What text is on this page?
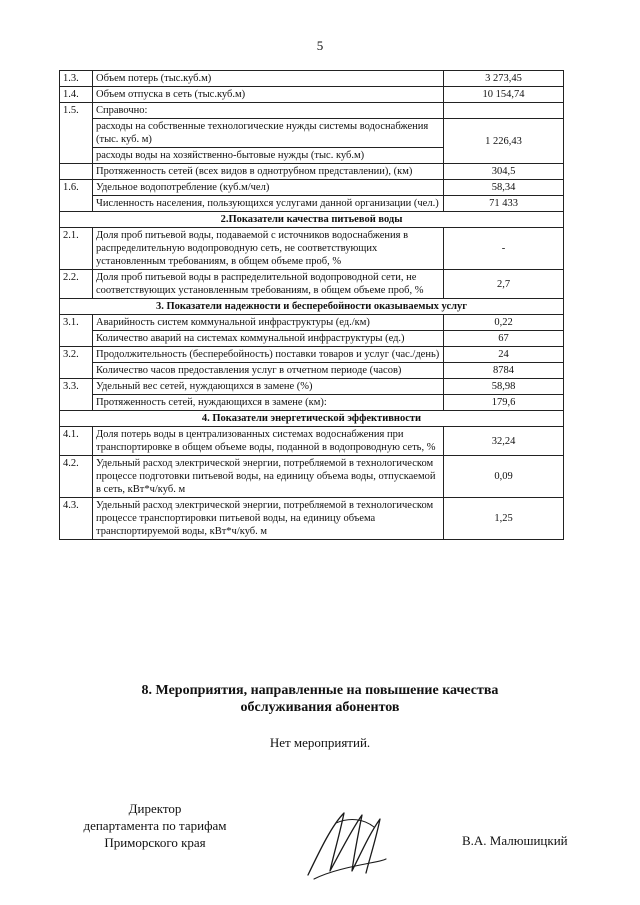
5
1.3.	Объем потерь (тыс.куб.м)	3 273,45
1.4.	Объем отпуска в сеть (тыс.куб.м)	10 154,74
1.5.	Справочно:	
	расходы на собственные технологические нужды системы водоснабжения (тыс. куб. м)	1 226,43
	расходы воды на хозяйственно-бытовые нужды (тыс. куб.м)	
	Протяженность сетей (всех видов в однотрубном представлении), (км)	304,5
1.6.	Удельное водопотребление (куб.м/чел)	58,34
	Численность населения, пользующихся услугами данной организации (чел.)	71 433
2.Показатели качества питьевой воды		
2.1.	Доля проб питьевой воды, подаваемой с источников водоснабжения в распределительную водопроводную сеть, не соответствующих установленным требованиям, в общем объеме проб, %	-
2.2.	Доля проб питьевой воды в распределительной водопроводной сети, не соответствующих установленным требованиям, в общем объеме проб, %	2,7
3. Показатели надежности и бесперебойности оказываемых услуг		
3.1.	Аварийность систем коммунальной инфраструктуры (ед./км)	0,22
	Количество аварий на системах коммунальной инфраструктуры (ед.)	67
3.2.	Продолжительность (бесперебойность) поставки товаров и услуг (час./день)	24
	Количество часов предоставления услуг в отчетном периоде (часов)	8784
3.3.	Удельный вес сетей, нуждающихся в замене (%)	58,98
	Протяженность сетей, нуждающихся в замене (км):	179,6
4. Показатели энергетической эффективности		
4.1.	Доля потерь воды в централизованных системах водоснабжения при транспортировке в общем объеме воды, поданной в водопроводную сеть, %	32,24
4.2.	Удельный расход электрической энергии, потребляемой в технологическом процессе подготовки питьевой воды, на единицу объема воды, отпускаемой в сеть, кВт*ч/куб. м	0,09
4.3.	Удельный расход электрической энергии, потребляемой в технологическом процессе транспортировки питьевой воды, на единицу объема транспортируемой воды, кВт*ч/куб. м	1,25
8. Мероприятия, направленные на повышение качества
обслуживания абонентов
Нет мероприятий.
Директор
департамента по тарифам
Приморского края	В.А. Малюшицкий
